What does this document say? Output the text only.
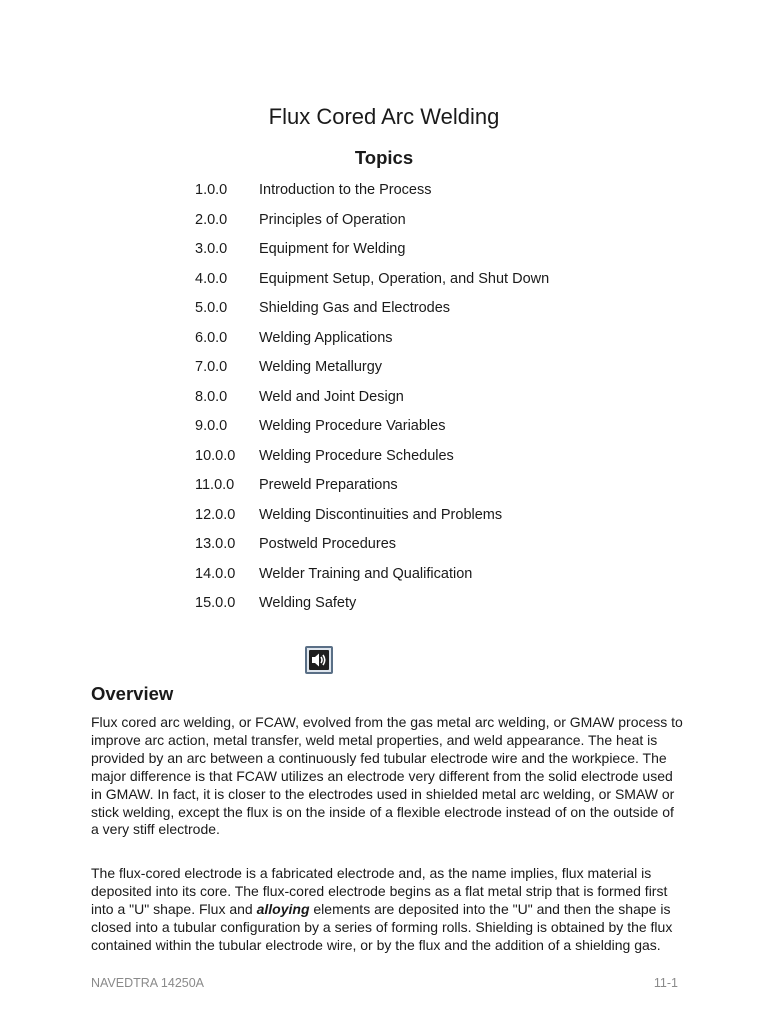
Flux Cored Arc Welding
Topics
1.0.0 Introduction to the Process
2.0.0 Principles of Operation
3.0.0 Equipment for Welding
4.0.0 Equipment Setup, Operation, and Shut Down
5.0.0 Shielding Gas and Electrodes
6.0.0 Welding Applications
7.0.0 Welding Metallurgy
8.0.0 Weld and Joint Design
9.0.0 Welding Procedure Variables
10.0.0 Welding Procedure Schedules
11.0.0 Preweld Preparations
12.0.0 Welding Discontinuities and Problems
13.0.0 Postweld Procedures
14.0.0 Welder Training and Qualification
15.0.0 Welding Safety
Overview

Flux cored arc welding, or FCAW, evolved from the gas metal arc welding, or GMAW process to improve arc action, metal transfer, weld metal properties, and weld appearance. The heat is provided by an arc between a continuously fed tubular electrode wire and the workpiece. The major difference is that FCAW utilizes an electrode very different from the solid electrode used in GMAW. In fact, it is closer to the electrodes used in shielded metal arc welding, or SMAW or stick welding, except the flux is on the inside of a flexible electrode instead of on the outside of a very stiff electrode.

The flux-cored electrode is a fabricated electrode and, as the name implies, flux material is deposited into its core. The flux-cored electrode begins as a flat metal strip that is formed first into a "U" shape. Flux and alloying elements are deposited into the "U" and then the shape is closed into a tubular configuration by a series of forming rolls. Shielding is obtained by the flux contained within the tubular electrode wire, or by the flux and the addition of a shielding gas.

NAVEDTRA 14250A	11-1
